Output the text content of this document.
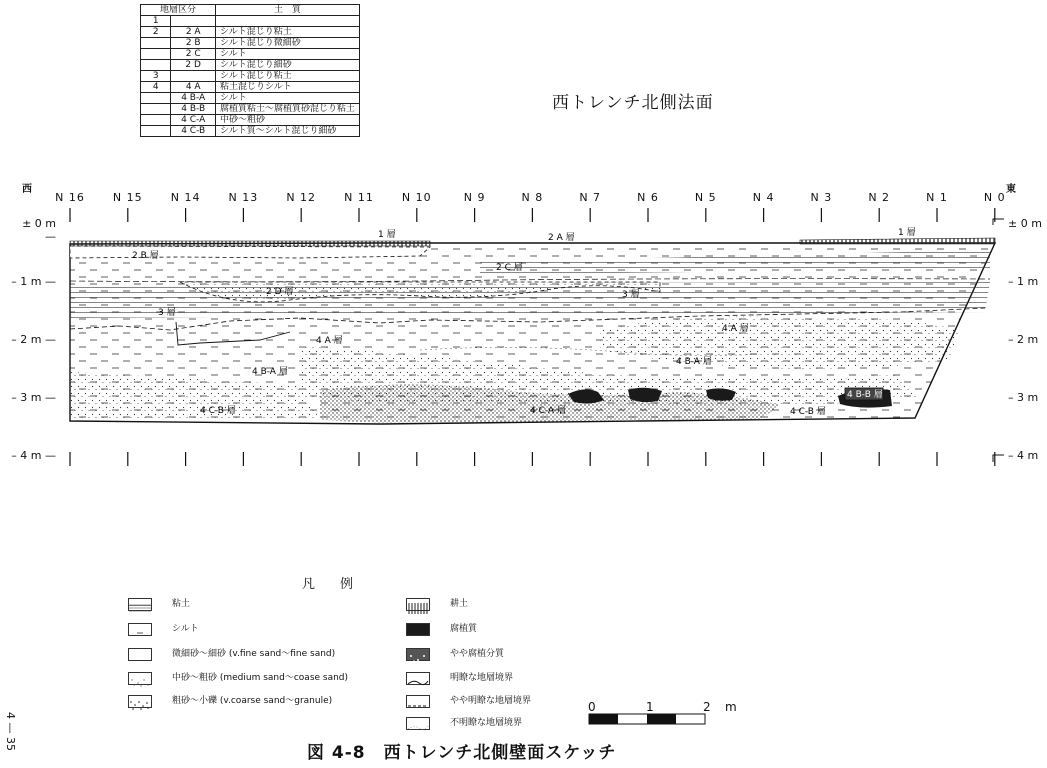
地層区分		土　質
1		
2	2 A	シルト混じり粘土
	2 B	シルト混じり微細砂
	2 C	シルト
	2 D	シルト混じり細砂
3		シルト混じり粘土
4	4 A	粘土混じりシルト
	4 B-A	シルト
	4 B-B	腐植質粘土～腐植質砂混じり粘土
	4 C-A	中砂～粗砂
	4 C-B	シルト質～シルト混じり細砂
西トレンチ北側法面
西	東
N 16	N 15	N 14	N 13	N 12	N 11	N 10	N 9	N 8	N 7	N 6	N 5	N 4	N 3	N 2	N 1	N 0
± 0 m —
– 1 m —
– 2 m —
– 3 m —
– 4 m —
± 0 m
– 1 m
– 2 m
– 3 m
– 4 m
1 層	2 A 層	1 層
2 B 層
2 C 層
2 D 層	3 層
3 層
4 A 層
4 A 層
4 B-A 層
4 B-A 層
4 C-A 層
4 C-B 層	4 C-B 層
4 B-B 層
凡　例
粘土
シルト
微細砂～細砂 (v.fine sand～fine sand)
中砂～粗砂 (medium sand～coase sand)
粗砂～小礫 (v.coarse sand～granule)
耕土
腐植質
やや腐植分質
明瞭な地層境界
やや明瞭な地層境界
不明瞭な地層境界
0	1	2 m
図 4-8　西トレンチ北側壁面スケッチ
4 — 35
